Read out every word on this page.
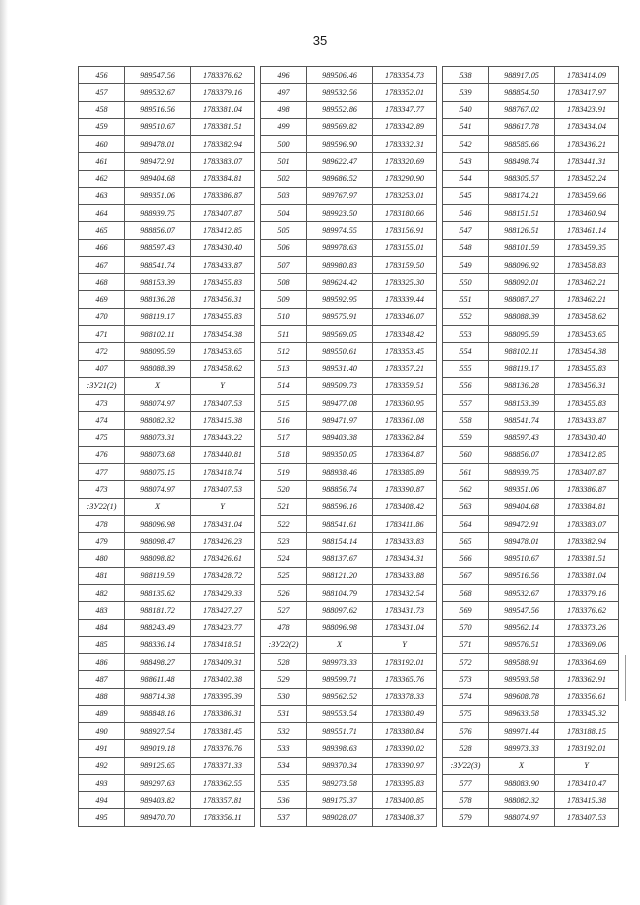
35
456	989547.56	1783376.62
457	989532.67	1783379.16
458	989516.56	1783381.04
459	989510.67	1783381.51
460	989478.01	1783382.94
461	989472.91	1783383.07
462	989404.68	1783384.81
463	989351.06	1783386.87
464	988939.75	1783407.87
465	988856.07	1783412.85
466	988597.43	1783430.40
467	988541.74	1783433.87
468	988153.39	1783455.83
469	988136.28	1783456.31
470	988119.17	1783455.83
471	988102.11	1783454.38
472	988095.59	1783453.65
407	988088.39	1783458.62
:ЗУ21(2)	X	Y
473	988074.97	1783407.53
474	988082.32	1783415.38
475	988073.31	1783443.22
476	988073.68	1783440.81
477	988075.15	1783418.74
473	988074.97	1783407.53
:ЗУ22(1)	X	Y
478	988096.98	1783431.04
479	988098.47	1783426.23
480	988098.82	1783426.61
481	988119.59	1783428.72
482	988135.62	1783429.33
483	988181.72	1783427.27
484	988243.49	1783423.77
485	988336.14	1783418.51
486	988498.27	1783409.31
487	988611.48	1783402.38
488	988714.38	1783395.39
489	988848.16	1783386.31
490	988927.54	1783381.45
491	989019.18	1783376.76
492	989125.65	1783371.33
493	989297.63	1783362.55
494	989403.82	1783357.81
495	989470.70	1783356.11
496	989506.46	1783354.73
497	989532.56	1783352.01
498	989552.86	1783347.77
499	989569.82	1783342.89
500	989596.90	1783332.31
501	989622.47	1783320.69
502	989686.52	1783290.90
503	989767.97	1783253.01
504	989923.50	1783180.66
505	989974.55	1783156.91
506	989978.63	1783155.01
507	989980.83	1783159.50
508	989624.42	1783325.30
509	989592.95	1783339.44
510	989575.91	1783346.07
511	989569.05	1783348.42
512	989550.61	1783353.45
513	989531.40	1783357.21
514	989509.73	1783359.51
515	989477.08	1783360.95
516	989471.97	1783361.08
517	989403.38	1783362.84
518	989350.05	1783364.87
519	988938.46	1783385.89
520	988856.74	1783390.87
521	988596.16	1783408.42
522	988541.61	1783411.86
523	988154.14	1783433.83
524	988137.67	1783434.31
525	988121.20	1783433.88
526	988104.79	1783432.54
527	988097.62	1783431.73
478	988096.98	1783431.04
:ЗУ22(2)	X	Y
528	989973.33	1783192.01
529	989599.71	1783365.76
530	989562.52	1783378.33
531	989553.54	1783380.49
532	989551.71	1783380.84
533	989398.63	1783390.02
534	989370.34	1783390.97
535	989273.58	1783395.83
536	989175.37	1783400.85
537	989028.07	1783408.37
538	988917.05	1783414.09
539	988854.50	1783417.97
540	988767.02	1783423.91
541	988617.78	1783434.04
542	988585.66	1783436.21
543	988498.74	1783441.31
544	988305.57	1783452.24
545	988174.21	1783459.66
546	988151.51	1783460.94
547	988126.51	1783461.14
548	988101.59	1783459.35
549	988096.92	1783458.83
550	988092.01	1783462.21
551	988087.27	1783462.21
552	988088.39	1783458.62
553	988095.59	1783453.65
554	988102.11	1783454.38
555	988119.17	1783455.83
556	988136.28	1783456.31
557	988153.39	1783455.83
558	988541.74	1783433.87
559	988597.43	1783430.40
560	988856.07	1783412.85
561	988939.75	1783407.87
562	989351.06	1783386.87
563	989404.68	1783384.81
564	989472.91	1783383.07
565	989478.01	1783382.94
566	989510.67	1783381.51
567	989516.56	1783381.04
568	989532.67	1783379.16
569	989547.56	1783376.62
570	989562.14	1783373.26
571	989576.51	1783369.06
572	989588.91	1783364.69
573	989593.58	1783362.91
574	989608.78	1783356.61
575	989633.58	1783345.32
576	989971.44	1783188.15
528	989973.33	1783192.01
:ЗУ22(3)	X	Y
577	988083.90	1783410.47
578	988082.32	1783415.38
579	988074.97	1783407.53
